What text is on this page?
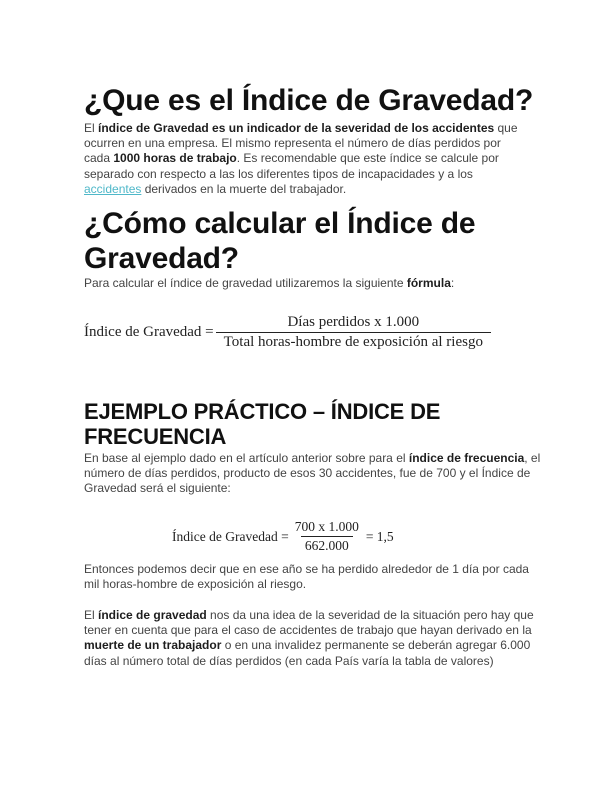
¿Que es el Índice de Gravedad?

El índice de Gravedad es un indicador de la severidad de los accidentes que ocurren en una empresa. El mismo representa el número de días perdidos por cada 1000 horas de trabajo. Es recomendable que este índice se calcule por separado con respecto a las los diferentes tipos de incapacidades y a los accidentes derivados en la muerte del trabajador.

¿Cómo calcular el Índice de Gravedad?

Para calcular el índice de gravedad utilizaremos la siguiente fórmula:

Índice de Gravedad = $\frac{\text{Días perdidos x 1.000}}{\text{Total horas-hombre de exposición al riesgo}}$
EJEMPLO PRÁCTICO – ÍNDICE DE FRECUENCIA

En base al ejemplo dado en el artículo anterior sobre para el índice de frecuencia, el número de días perdidos, producto de esos 30 accidentes, fue de 700 y el Índice de Gravedad será el siguiente:

Índice de Gravedad = $\frac{700 x 1.000}{662.000} = 1,5$

Entonces podemos decir que en ese año se ha perdido alrededor de 1 día por cada mil horas-hombre de exposición al riesgo.

El índice de gravedad nos da una idea de la severidad de la situación pero hay que tener en cuenta que para el caso de accidentes de trabajo que hayan derivado en la muerte de un trabajador o en una invalidez permanente se deberán agregar 6.000 días al número total de días perdidos (en cada País varía la tabla de valores)
